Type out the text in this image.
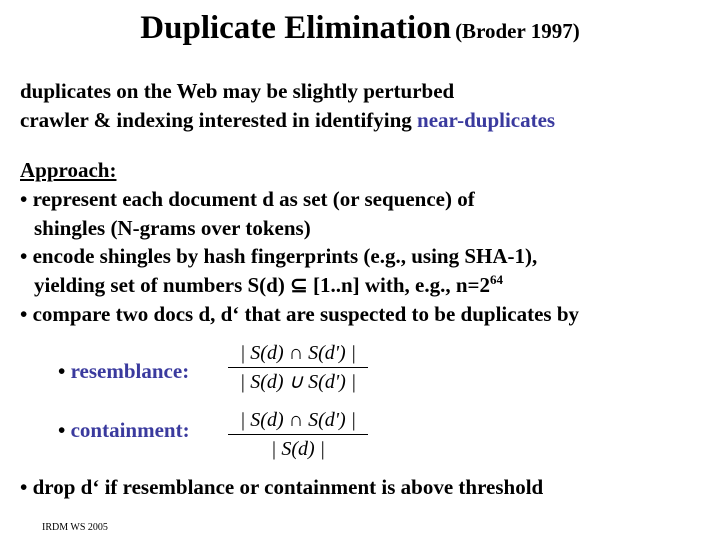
Duplicate Elimination (Broder 1997)
duplicates on the Web may be slightly perturbed
crawler & indexing interested in identifying near-duplicates
Approach:
• represent each document d as set (or sequence) of
shingles (N-grams over tokens)
• encode shingles by hash fingerprints (e.g., using SHA-1),
yielding set of numbers S(d) ⊆ [1..n] with, e.g., $n=2^{64}$
• compare two docs d, d‘ that are suspected to be duplicates by
• resemblance:
| S(d) ∩ S(d') |
| S(d) ∪ S(d') |
• containment:	| S(d) ∩ S(d') |
| S(d) |
• drop d‘ if resemblance or containment is above threshold
IRDM WS 2005
